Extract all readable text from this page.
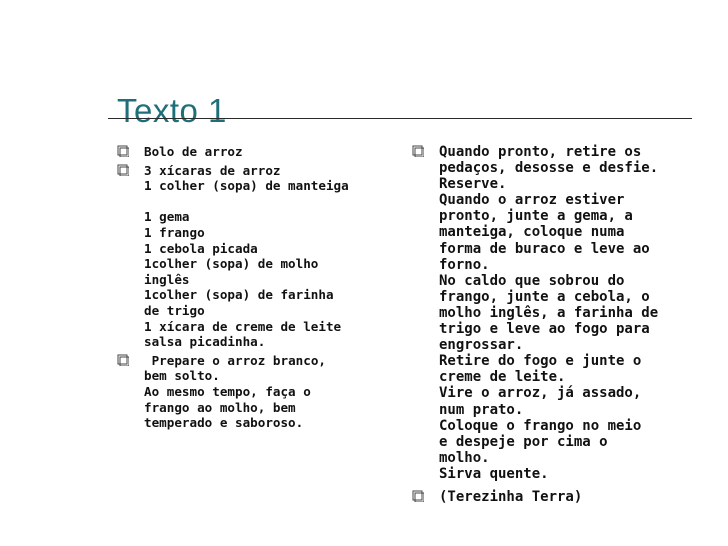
Texto 1
Bolo de arroz
3 xícaras de arroz
1 colher (sopa) de manteiga

1 gema
1 frango
1 cebola picada
1colher (sopa) de molho
inglês
1colher (sopa) de farinha
de trigo
1 xícara de creme de leite
salsa picadinha.
Prepare o arroz branco,
bem solto.
Ao mesmo tempo, faça o
frango ao molho, bem
temperado e saboroso.
Quando pronto, retire os
pedaços, desosse e desfie.
Reserve.
Quando o arroz estiver
pronto, junte a gema, a
manteiga, coloque numa
forma de buraco e leve ao
forno.
No caldo que sobrou do
frango, junte a cebola, o
molho inglês, a farinha de
trigo e leve ao fogo para
engrossar.
Retire do fogo e junte o
creme de leite.
Vire o arroz, já assado,
num prato.
Coloque o frango no meio
e despeje por cima o
molho.
Sirva quente.
(Terezinha Terra)
